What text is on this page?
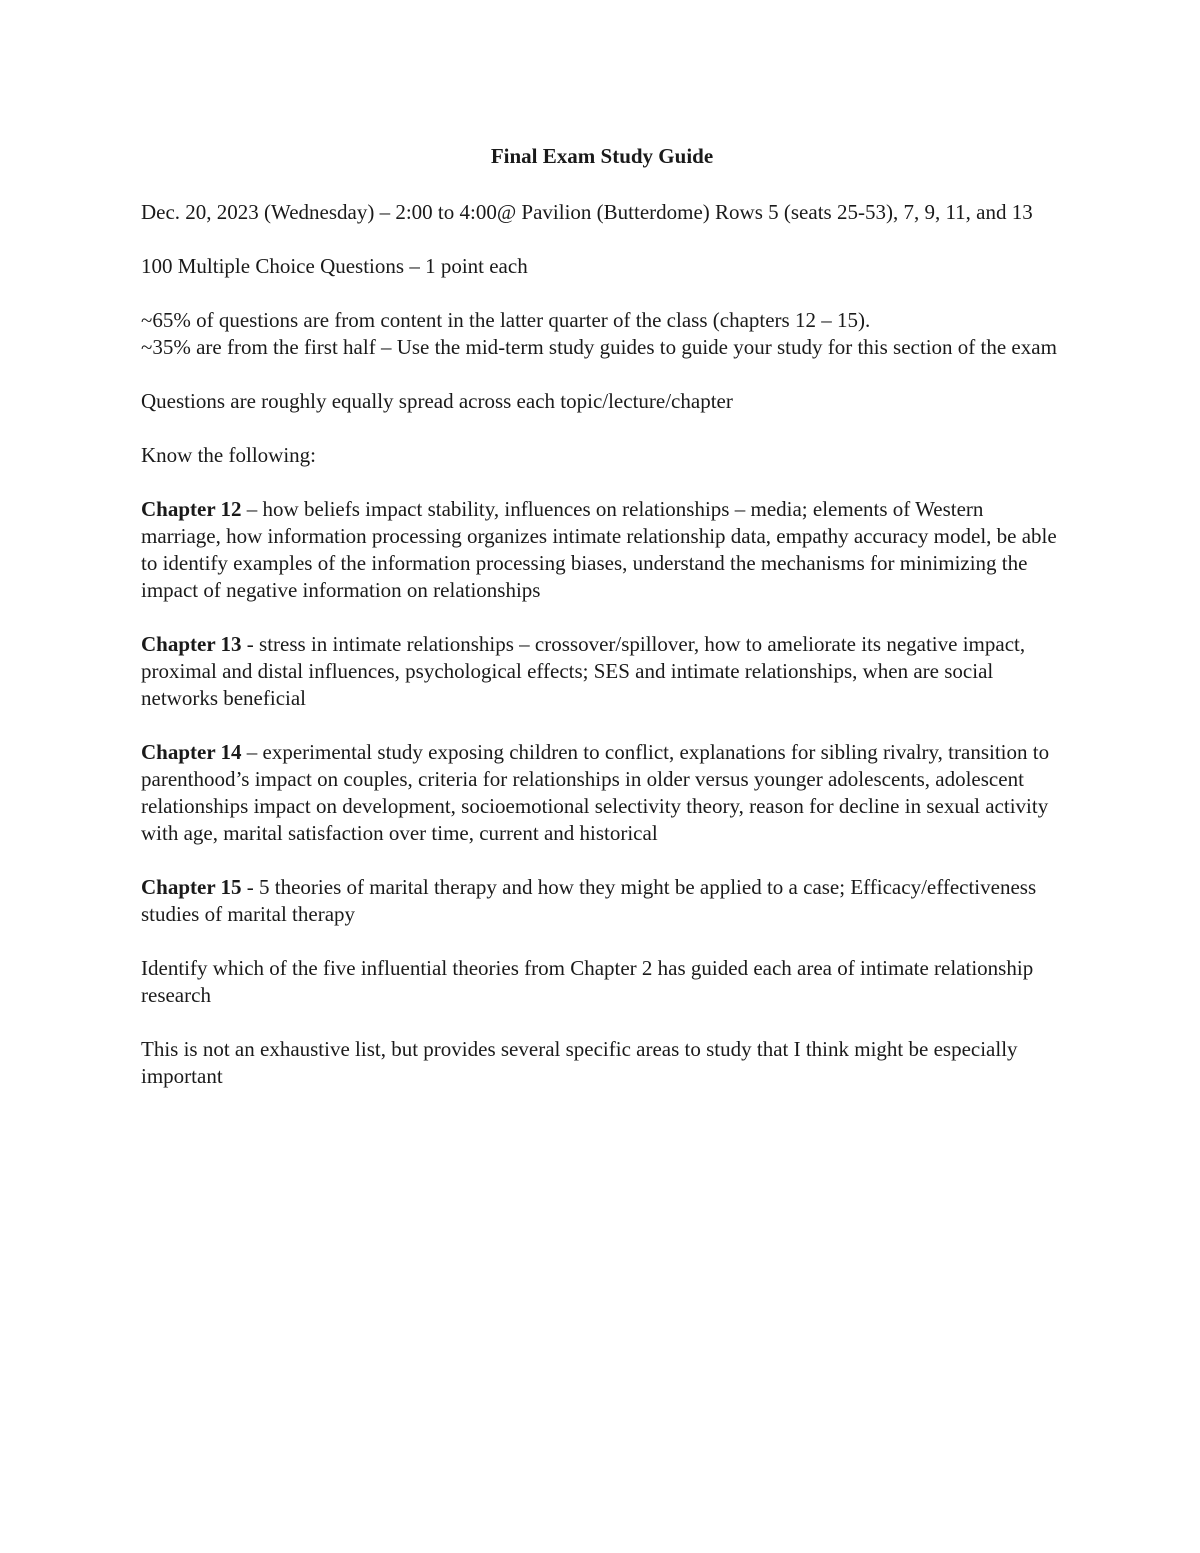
Final Exam Study Guide

Dec. 20, 2023 (Wednesday) – 2:00 to 4:00@ Pavilion (Butterdome) Rows 5 (seats 25-53), 7, 9, 11, and 13

100 Multiple Choice Questions – 1 point each

~65% of questions are from content in the latter quarter of the class (chapters 12 – 15).

~35% are from the first half – Use the mid-term study guides to guide your study for this section of the exam

Questions are roughly equally spread across each topic/lecture/chapter

Know the following:

Chapter 12 – how beliefs impact stability, influences on relationships – media; elements of Western marriage, how information processing organizes intimate relationship data, empathy accuracy model, be able to identify examples of the information processing biases, understand the mechanisms for minimizing the impact of negative information on relationships

Chapter 13 - stress in intimate relationships – crossover/spillover, how to ameliorate its negative impact, proximal and distal influences, psychological effects; SES and intimate relationships, when are social networks beneficial

Chapter 14 – experimental study exposing children to conflict, explanations for sibling rivalry, transition to parenthood’s impact on couples, criteria for relationships in older versus younger adolescents, adolescent relationships impact on development, socioemotional selectivity theory, reason for decline in sexual activity with age, marital satisfaction over time, current and historical

Chapter 15 - 5 theories of marital therapy and how they might be applied to a case; Efficacy/effectiveness studies of marital therapy

Identify which of the five influential theories from Chapter 2 has guided each area of intimate relationship research

This is not an exhaustive list, but provides several specific areas to study that I think might be especially important
